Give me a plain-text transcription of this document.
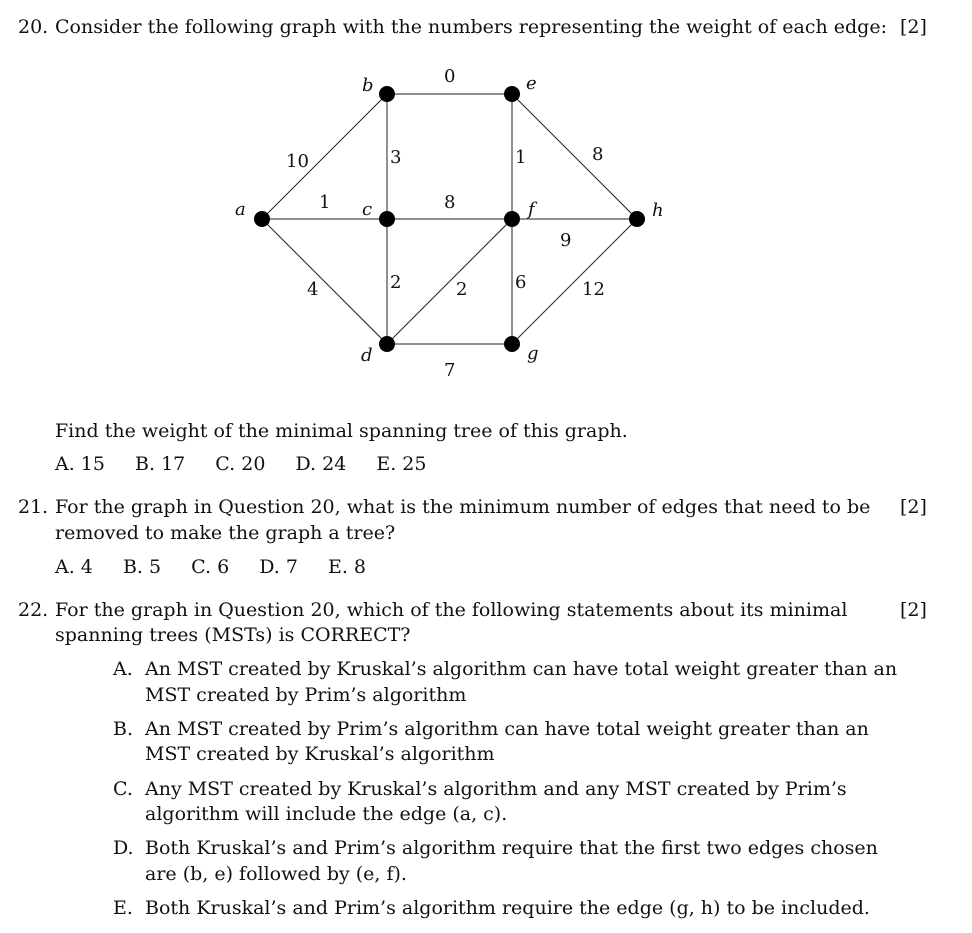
20. Consider the following graph with the numbers representing the weight of each edge: [2]
a
b
c
d
e
f
g
h
0
10	3	1	8
1	8
9
4	2	2	6	12
7
Find the weight of the minimal spanning tree of this graph.
A. 15 B. 17 C. 20 D. 24 E. 25
21. For the graph in Question 20, what is the minimum number of edges that need to be [2]
removed to make the graph a tree?
A. 4 B. 5 C. 6 D. 7 E. 8
22. For the graph in Question 20, which of the following statements about its minimal	[2]
spanning trees (MSTs) is CORRECT?
A. An MST created by Kruskal’s algorithm can have total weight greater than an
MST created by Prim’s algorithm
B. An MST created by Prim’s algorithm can have total weight greater than an
MST created by Kruskal’s algorithm
C. Any MST created by Kruskal’s algorithm and any MST created by Prim’s
algorithm will include the edge (a, c).
D. Both Kruskal’s and Prim’s algorithm require that the first two edges chosen
are (b, e) followed by (e, f).
E. Both Kruskal’s and Prim’s algorithm require the edge (g, h) to be included.
